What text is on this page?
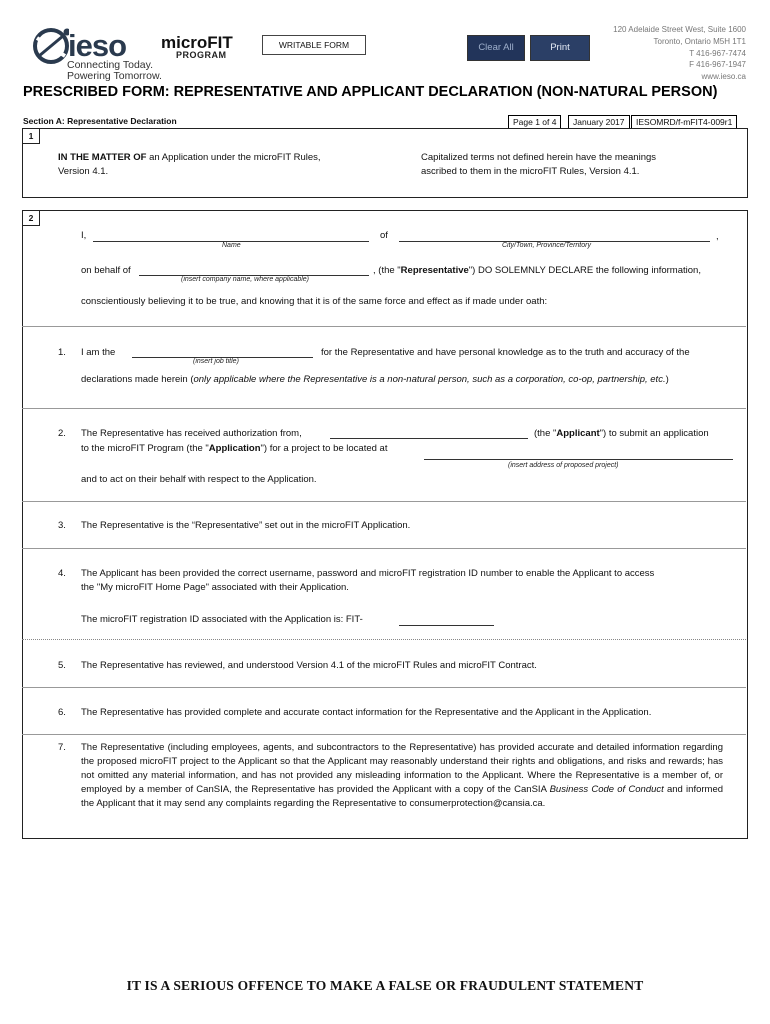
ieso
Connecting Today.
Powering Tomorrow.
microFIT
PROGRAM
WRITABLE FORM	Clear All	Print
120 Adelaide Street West, Suite 1600
Toronto, Ontario M5H 1T1
T 416-967-7474
F 416-967-1947
www.ieso.ca
PRESCRIBED FORM: REPRESENTATIVE AND APPLICANT DECLARATION (NON-NATURAL PERSON)
Section A: Representative Declaration	Page 1 of 4	January 2017	IESOMRD/f-mFIT4-009r1
1
IN THE MATTER OF an Application under the microFIT Rules,
Version 4.1.
Capitalized terms not defined herein have the meanings
ascribed to them in the microFIT Rules, Version 4.1.
2
I,
Name
of	,
City/Town, Province/Territory
on behalf of
(insert company name, where applicable)
, (the "Representative") DO SOLEMNLY DECLARE the following information,
conscientiously believing it to be true, and knowing that it is of the same force and effect as if made under oath:
1. I am the
(insert job title)
for the Representative and have personal knowledge as to the truth and accuracy of the
declarations made herein (only applicable where the Representative is a non-natural person, such as a corporation, co-op, partnership, etc.)
2. The Representative has received authorization from,	(the "Applicant") to submit an application
to the microFIT Program (the "Application") for a project to be located at
(insert address of proposed project)
and to act on their behalf with respect to the Application.
3. The Representative is the “Representative” set out in the microFIT Application.
4. The Applicant has been provided the correct username, password and microFIT registration ID number to enable the Applicant to access
the "My microFIT Home Page" associated with their Application.
The microFIT registration ID associated with the Application is: FIT-
5. The Representative has reviewed, and understood Version 4.1 of the microFIT Rules and microFIT Contract.
6. The Representative has provided complete and accurate contact information for the Representative and the Applicant in the Application.
7. The Representative (including employees, agents, and subcontractors to the Representative) has provided accurate and detailed information regarding the proposed microFIT project to the Applicant so that the Applicant may reasonably understand their rights and obligations, and risks and rewards; has not omitted any material information, and has not provided any misleading information to the Applicant. Where the Representative is a member of, or employed by a member of CanSIA, the Representative has provided the Applicant with a copy of the CanSIA Business Code of Conduct and informed the Applicant that it may send any complaints regarding the Representative to consumerprotection@cansia.ca.
IT IS A SERIOUS OFFENCE TO MAKE A FALSE OR FRAUDULENT STATEMENT
